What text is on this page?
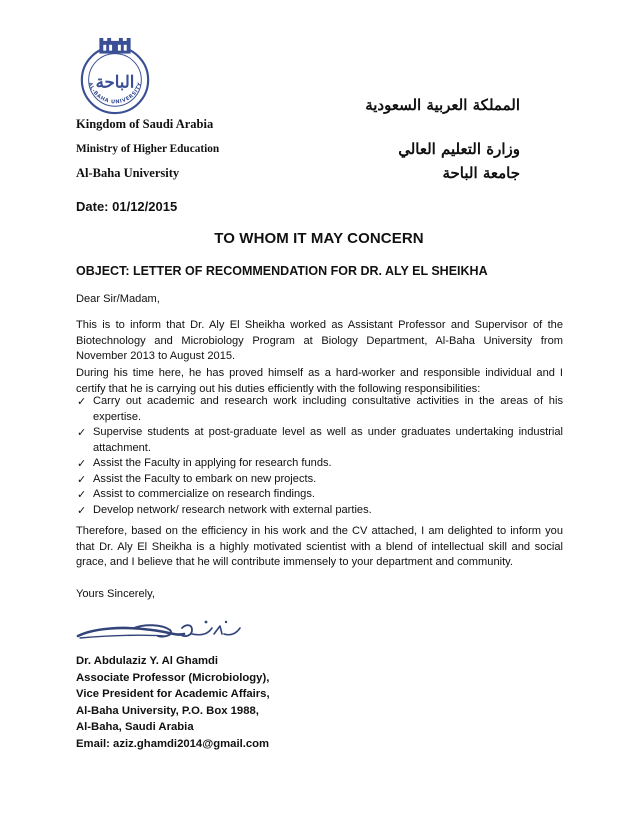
الباحة
AL-BAHA UNIVERSITY
Kingdom of Saudi Arabia
Ministry of Higher Education
Al-Baha University
المملكة العربية السعودية
وزارة التعليم العالي
جامعة الباحة
Date: 01/12/2015
TO WHOM IT MAY CONCERN
OBJECT: LETTER OF RECOMMENDATION FOR DR. ALY EL SHEIKHA
Dear Sir/Madam,
This is to inform that Dr. Aly El Sheikha worked as Assistant Professor and Supervisor of the Biotechnology and Microbiology Program at Biology Department, Al-Baha University from November 2013 to August 2015.
During his time here, he has proved himself as a hard-worker and responsible individual and I certify that he is carrying out his duties efficiently with the following responsibilities:
✓ Carry out academic and research work including consultative activities in the areas of his expertise.
✓ Supervise students at post-graduate level as well as under graduates undertaking industrial attachment.
✓ Assist the Faculty in applying for research funds.
✓ Assist the Faculty to embark on new projects.
✓ Assist to commercialize on research findings.
✓ Develop network/ research network with external parties.
Therefore, based on the efficiency in his work and the CV attached, I am delighted to inform you that Dr. Aly El Sheikha is a highly motivated scientist with a blend of intellectual skill and social grace, and I believe that he will contribute immensely to your department and community.
Yours Sincerely,
Dr. Abdulaziz Y. Al Ghamdi
Associate Professor (Microbiology),
Vice President for Academic Affairs,
Al-Baha University, P.O. Box 1988,
Al-Baha, Saudi Arabia
Email: aziz.ghamdi2014@gmail.com
